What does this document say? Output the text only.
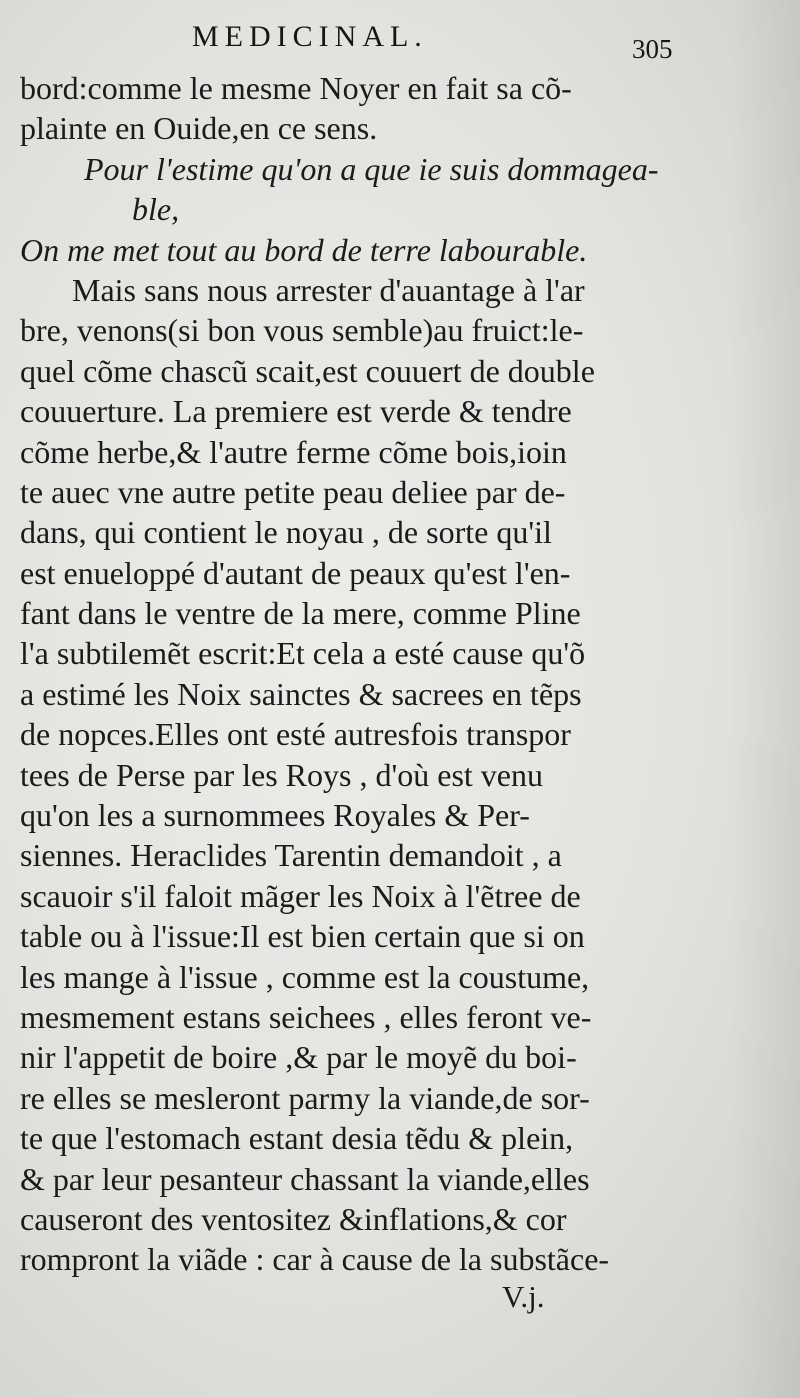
MEDICINAL.	305
bord:comme le mesme Noyer en fait sa cõ-
plainte en Ouide,en ce sens.
Pour l'estime qu'on a que ie suis dommagea-
ble,
On me met tout au bord de terre labourable.
Mais sans nous arrester d'auantage à l'ar
bre, venons(si bon vous semble)au fruict:le-
quel cõme chascũ scait,est couuert de double
couuerture. La premiere est verde & tendre
cõme herbe,& l'autre ferme cõme bois,ioin
te auec vne autre petite peau deliee par de-
dans, qui contient le noyau , de sorte qu'il
est enueloppé d'autant de peaux qu'est l'en-
fant dans le ventre de la mere, comme Pline
l'a subtilemẽt escrit:Et cela a esté cause qu'õ
a estimé les Noix sainctes & sacrees en tẽps
de nopces.Elles ont esté autresfois transpor
tees de Perse par les Roys , d'où est venu
qu'on les a surnommees Royales & Per-
siennes. Heraclides Tarentin demandoit , a
scauoir s'il faloit mãger les Noix à l'ẽtree de
table ou à l'issue:Il est bien certain que si on
les mange à l'issue , comme est la coustume,
mesmement estans seichees , elles feront ve-
nir l'appetit de boire ,& par le moyẽ du boi-
re elles se mesleront parmy la viande,de sor-
te que l'estomach estant desia tẽdu & plein,
& par leur pesanteur chassant la viande,elles
causeront des ventositez &inflations,& cor
rompront la viãde : car à cause de la substãce-
V.j.
